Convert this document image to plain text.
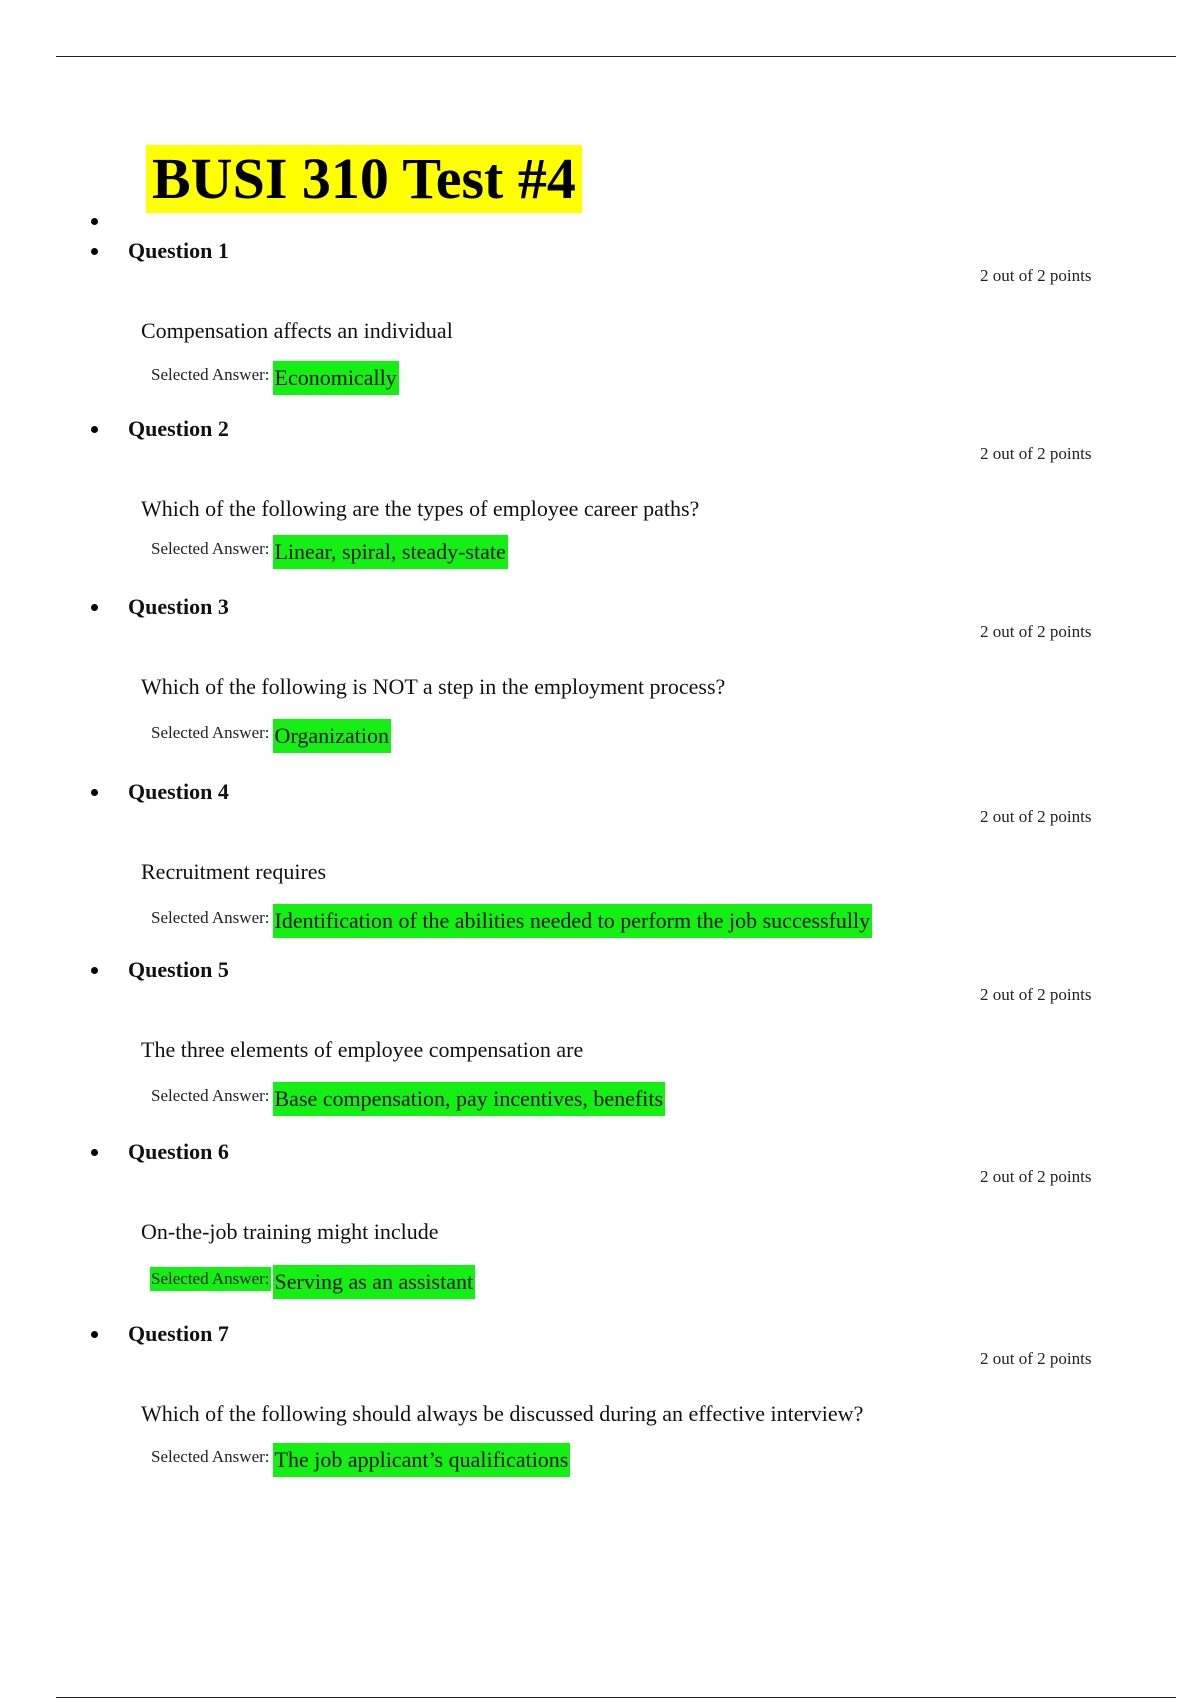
BUSI 310 Test #4
Question 1
2 out of 2 points
Compensation affects an individual
Selected Answer: Economically
Question 2
2 out of 2 points
Which of the following are the types of employee career paths?
Selected Answer: Linear, spiral, steady-state
Question 3
2 out of 2 points
Which of the following is NOT a step in the employment process?
Selected Answer: Organization
Question 4
2 out of 2 points
Recruitment requires
Selected Answer: Identification of the abilities needed to perform the job successfully
Question 5
2 out of 2 points
The three elements of employee compensation are
Selected Answer: Base compensation, pay incentives, benefits
Question 6
2 out of 2 points
On-the-job training might include
Selected Answer: Serving as an assistant
Question 7
2 out of 2 points
Which of the following should always be discussed during an effective interview?
Selected Answer: The job applicant’s qualifications
